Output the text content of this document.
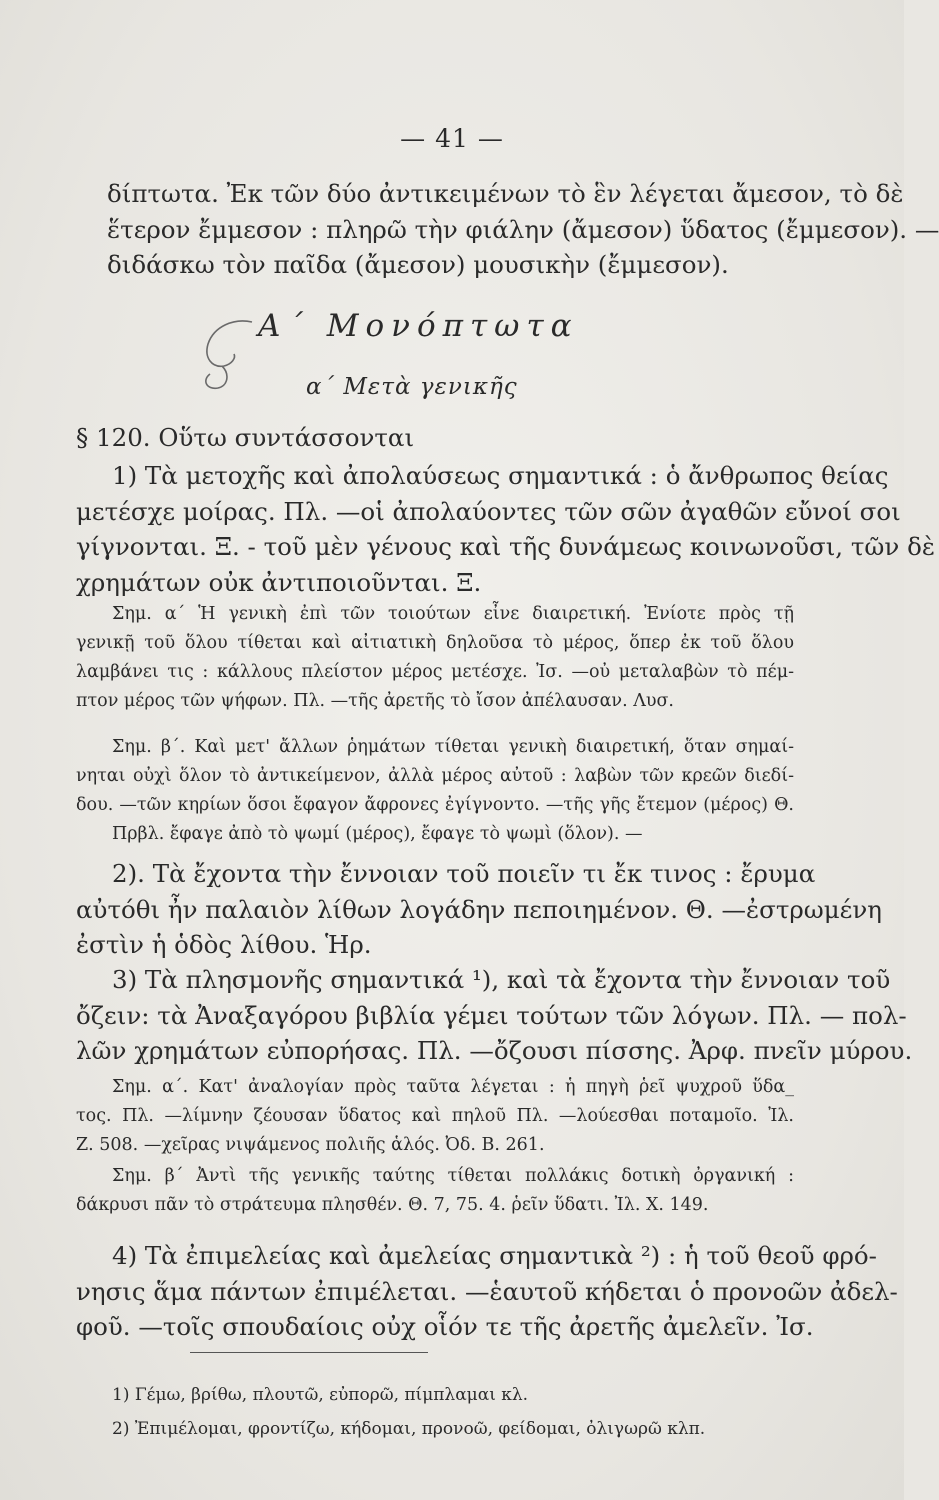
— 41 —
δίπτωτα. Ἐκ τῶν δύο ἀντικειμένων τὸ ἓν λέγεται ἄμεσον, τὸ δὲ
ἕτερον ἔμμεσον : πληρῶ τὴν φιάλην (ἄμεσον) ὕδατος (ἔμμεσον). —
διδάσκω τὸν παῖδα (ἄμεσον) μουσικὴν (ἔμμεσον).
Α΄ Μονόπτωτα
α΄ Μετὰ γενικῆς
§ 120. Οὕτω συντάσσονται
1) Τὰ μετοχῆς καὶ ἀπολαύσεως σημαντικά : ὁ ἄνθρωπος θείας
μετέσχε μοίρας. Πλ. —οἱ ἀπολαύοντες τῶν σῶν ἀγαθῶν εὔνοί σοι
γίγνονται. Ξ. - τοῦ μὲν γένους καὶ τῆς δυνάμεως κοινωνοῦσι, τῶν δὲ
χρημάτων οὐκ ἀντιποιοῦνται. Ξ.
Σημ. α΄ Ἡ γενικὴ ἐπὶ τῶν τοιούτων εἶνε διαιρετική. Ἐνίοτε πρὸς τῇ
γενικῇ τοῦ ὅλου τίθεται καὶ αἰτιατικὴ δηλοῦσα τὸ μέρος, ὅπερ ἐκ τοῦ ὅλου
λαμβάνει τις : κάλλους πλείστον μέρος μετέσχε. Ἰσ. —οὐ μεταλαβὼν τὸ πέμ-
πτον μέρος τῶν ψήφων. Πλ. —τῆς ἀρετῆς τὸ ἴσον ἀπέλαυσαν. Λυσ.
Σημ. β΄. Καὶ μετ' ἄλλων ῥημάτων τίθεται γενικὴ διαιρετική, ὅταν σημαί-
νηται οὐχὶ ὅλον τὸ ἀντικείμενον, ἀλλὰ μέρος αὐτοῦ : λαβὼν τῶν κρεῶν διεδί-
δου. —τῶν κηρίων ὅσοι ἔφαγον ἄφρονες ἐγίγνοντο. —τῆς γῆς ἔτεμον (μέρος) Θ.
Πρβλ. ἔφαγε ἀπὸ τὸ ψωμί (μέρος), ἔφαγε τὸ ψωμὶ (ὅλον). —
2). Τὰ ἔχοντα τὴν ἔννοιαν τοῦ ποιεῖν τι ἔκ τινος : ἔρυμα
αὐτόθι ἦν παλαιὸν λίθων λογάδην πεποιημένον. Θ. —ἐστρωμένη
ἐστὶν ἡ ὁδὸς λίθου. Ἡρ.
3) Τὰ πλησμονῆς σημαντικά ¹), καὶ τὰ ἔχοντα τὴν ἔννοιαν τοῦ
ὄζειν: τὰ Ἀναξαγόρου βιβλία γέμει τούτων τῶν λόγων. Πλ. — πολ-
λῶν χρημάτων εὐπορήσας. Πλ. —ὄζουσι πίσσης. Ἀρφ. πνεῖν μύρου.
Σημ. α΄. Κατ' ἀναλογίαν πρὸς ταῦτα λέγεται : ἡ πηγὴ ῥεῖ ψυχροῦ ὕδα_
τος. Πλ. —λίμνην ζέουσαν ὕδατος καὶ πηλοῦ Πλ. —λούεσθαι ποταμοῖο. Ἰλ.
Ζ. 508. —χεῖρας νιψάμενος πολιῆς ἁλός. Ὀδ. Β. 261.
Σημ. β΄ Ἀντὶ τῆς γενικῆς ταύτης τίθεται πολλάκις δοτικὴ ὀργανική :
δάκρυσι πᾶν τὸ στράτευμα πλησθέν. Θ. 7, 75. 4. ῥεῖν ὕδατι. Ἰλ. Χ. 149.
4) Τὰ ἐπιμελείας καὶ ἀμελείας σημαντικὰ ²) : ἡ τοῦ θεοῦ φρό-
νησις ἅμα πάντων ἐπιμέλεται. —ἑαυτοῦ κήδεται ὁ προνοῶν ἀδελ-
φοῦ. —τοῖς σπουδαίοις οὐχ οἷόν τε τῆς ἀρετῆς ἀμελεῖν. Ἰσ.
1) Γέμω, βρίθω, πλουτῶ, εὐπορῶ, πίμπλαμαι κλ.
2) Ἐπιμέλομαι, φροντίζω, κήδομαι, προνοῶ, φείδομαι, ὀλιγωρῶ κλπ.
